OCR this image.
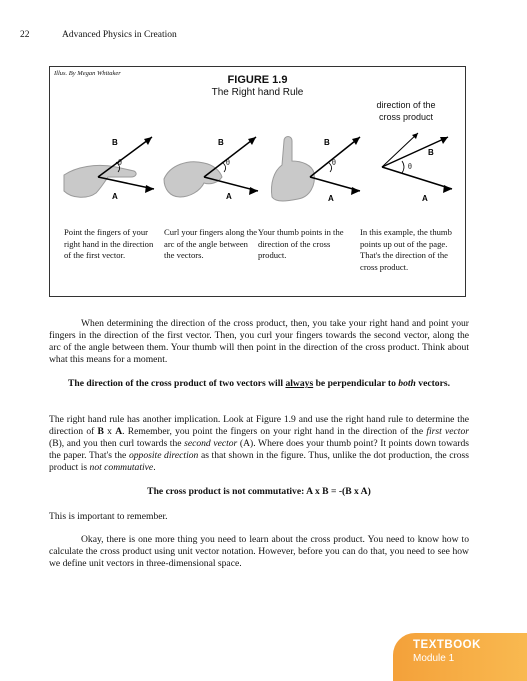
22	Advanced Physics in Creation
Illus. By Megan Whitaker
FIGURE 1.9
The Right hand Rule
direction of the cross product
B
θ
A
B
θ
A
B
θ
A
B
θ
A
Point the fingers of your right hand in the direction of the first vector.
Curl your fingers along the arc of the angle between the vectors.
Your thumb points in the direction of the cross product.
In this example, the thumb points up out of the page. That's the direction of the cross product.
When determining the direction of the cross product, then, you take your right hand and point your fingers in the direction of the first vector. Then, you curl your fingers towards the second vector, along the arc of the angle between them. Your thumb will then point in the direction of the cross product. Think about what this means for a moment.
The direction of the cross product of two vectors will always be perpendicular to both vectors.
The right hand rule has another implication. Look at Figure 1.9 and use the right hand rule to determine the direction of B x A. Remember, you point the fingers on your right hand in the direction of the first vector (B), and you then curl towards the second vector (A). Where does your thumb point? It points down towards the paper. That's the opposite direction as that shown in the figure. Thus, unlike the dot production, the cross product is not commutative.
The cross product is not commutative: A x B = -(B x A)
This is important to remember.
Okay, there is one more thing you need to learn about the cross product. You need to know how to calculate the cross product using unit vector notation. However, before you can do that, you need to see how we define unit vectors in three-dimensional space.
TEXTBOOK
Module 1
